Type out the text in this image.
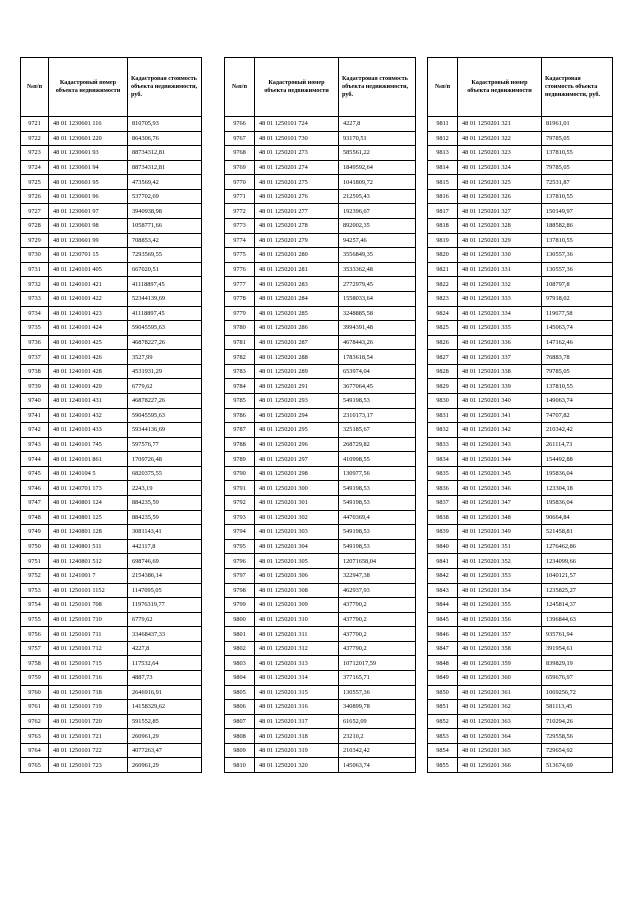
№п/п	Кадастровый номер объекта недвижимости	Кадастровая стоимость объекта недвижимости, руб.
9721	48 01 1230601 116	810705,93
9722	48 01 1230601 220	864306,76
9723	48 01 1230601 93	88734312,81
9724	48 01 1230601 94	88734312,81
9725	48 01 1230601 95	473569,42
9726	48 01 1230601 96	537702,69
9727	48 01 1230601 97	3940938,98
9728	48 01 1230601 98	1058771,66
9729	48 01 1230601 99	708853,42
9730	48 01 1230701 15	7293569,55
9731	48 01 1240101 405	667020,51
9732	48 01 1240101 421	41118897,45
9733	48 01 1240101 422	52344139,69
9734	48 01 1240101 423	41118897,45
9735	48 01 1240101 424	59045595,63
9736	48 01 1240101 425	46878227,26
9737	48 01 1240101 426	3527,99
9738	48 01 1240101 428	4531931,29
9739	48 01 1240101 429	6779,62
9740	48 01 1240101 431	46878227,26
9741	48 01 1240101 432	59045595,63
9742	48 01 1240101 433	59344136,69
9743	48 01 1240101 745	597576,77
9744	48 01 1240101 861	1709726,48
9745	48 01 1240104 5	6820375,55
9746	48 01 1240701 173	2243,19
9747	48 01 1240801 124	884235,59
9748	48 01 1240801 125	884235,59
9749	48 01 1240801 128	3081143,41
9750	48 01 1240801 511	442117,8
9751	48 01 1240801 512	698746,69
9752	48 01 1241001 7	2154386,14
9753	48 01 1250101 1152	1147095,05
9754	48 01 1250101 708	11976319,77
9755	48 01 1250101 710	6779,62
9756	48 01 1250101 711	33468437,33
9757	48 01 1250101 712	4227,8
9758	48 01 1250101 715	117532,64
9759	48 01 1250101 716	4887,73
9760	48 01 1250101 718	2646916,91
9761	48 01 1250101 719	14158329,62
9762	48 01 1250101 720	591552,85
9763	48 01 1250101 721	260961,29
9764	48 01 1250101 722	4077263,47
9765	48 01 1250101 723	260961,29
№п/п	Кадастровый номер объекта недвижимости	Кадастровая стоимость объекта недвижимости, руб.
9766	48 01 1250101 724	4227,8
9767	48 01 1250101 730	93170,51
9768	48 01 1250201 273	585561,22
9769	48 01 1250201 274	1849592,64
9770	48 01 1250201 275	1041809,72
9771	48 01 1250201 276	212595,43
9772	48 01 1250201 277	192396,07
9773	48 01 1250201 278	892002,35
9774	48 01 1250201 279	94257,46
9775	48 01 1250201 280	3556849,35
9776	48 01 1250201 281	3533362,48
9777	48 01 1250201 283	2772979,45
9778	48 01 1250201 284	1558033,64
9779	48 01 1250201 285	3248885,58
9780	48 01 1250201 286	3994391,48
9781	48 01 1250201 287	4678443,26
9782	48 01 1250201 288	1783618,54
9783	48 01 1250201 289	653974,04
9784	48 01 1250201 291	3677064,45
9785	48 01 1250201 293	549198,53
9786	48 01 1250201 294	2310173,17
9787	48 01 1250201 295	325185,67
9788	48 01 1250201 296	268729,82
9789	48 01 1250201 297	410998,55
9790	48 01 1250201 298	130977,56
9791	48 01 1250201 300	549198,53
9792	48 01 1250201 301	549198,53
9793	48 01 1250201 302	4470369,4
9794	48 01 1250201 303	549198,53
9795	48 01 1250201 304	549198,53
9796	48 01 1250201 305	12071658,04
9797	48 01 1250201 306	322947,38
9798	48 01 1250201 308	462937,93
9799	48 01 1250201 309	437790,2
9800	48 01 1250201 310	437790,2
9801	48 01 1250201 311	437790,2
9802	48 01 1250201 312	437790,2
9803	48 01 1250201 313	10712017,59
9804	48 01 1250201 314	377165,71
9805	48 01 1250201 315	130557,36
9806	48 01 1250201 316	340899,78
9807	48 01 1250201 317	61652,09
9808	48 01 1250201 318	23210,2
9809	48 01 1250201 319	210342,42
9810	48 01 1250201 320	145063,74
№п/п	Кадастровый номер объекта недвижимости	Кадастровая стоимость объекта недвижимости, руб.
9811	48 01 1250201 321	81961,01
9812	48 01 1250201 322	79785,05
9813	48 01 1250201 323	137810,55
9814	48 01 1250201 324	79785,05
9815	48 01 1250201 325	72531,87
9816	48 01 1250201 326	137810,55
9817	48 01 1250201 327	150149,97
9818	48 01 1250201 328	188582,86
9819	48 01 1250201 329	137810,55
9820	48 01 1250201 330	130557,36
9821	48 01 1250201 331	130557,36
9822	48 01 1250201 332	108797,8
9823	48 01 1250201 333	97918,02
9824	48 01 1250201 334	119677,58
9825	48 01 1250201 335	145063,74
9826	48 01 1250201 336	147162,46
9827	48 01 1250201 337	76883,78
9828	48 01 1250201 338	79785,05
9829	48 01 1250201 339	137810,55
9830	48 01 1250201 340	149063,74
9831	48 01 1250201 341	74707,82
9832	48 01 1250201 342	210342,42
9833	48 01 1250201 343	261114,73
9834	48 01 1250201 344	154492,88
9835	48 01 1250201 345	195836,04
9836	48 01 1250201 346	123304,18
9837	48 01 1250201 347	195836,04
9838	48 01 1250201 348	90664,84
9839	48 01 1250201 349	521458,81
9840	48 01 1250201 351	1276462,86
9841	48 01 1250201 352	1234099,66
9842	48 01 1250201 353	1040121,57
9843	48 01 1250201 354	1235825,27
9844	48 01 1250201 355	1245814,37
9845	48 01 1250201 356	1396844,63
9846	48 01 1250201 357	935761,94
9847	48 01 1250201 358	391954,61
9848	48 01 1250201 359	839829,19
9849	48 01 1250201 360	659676,97
9850	48 01 1250201 361	1069256,72
9851	48 01 1250201 362	581113,45
9852	48 01 1250201 363	710294,26
9853	48 01 1250201 364	729558,56
9854	48 01 1250201 365	729654,92
9855	48 01 1250201 366	513674,69
